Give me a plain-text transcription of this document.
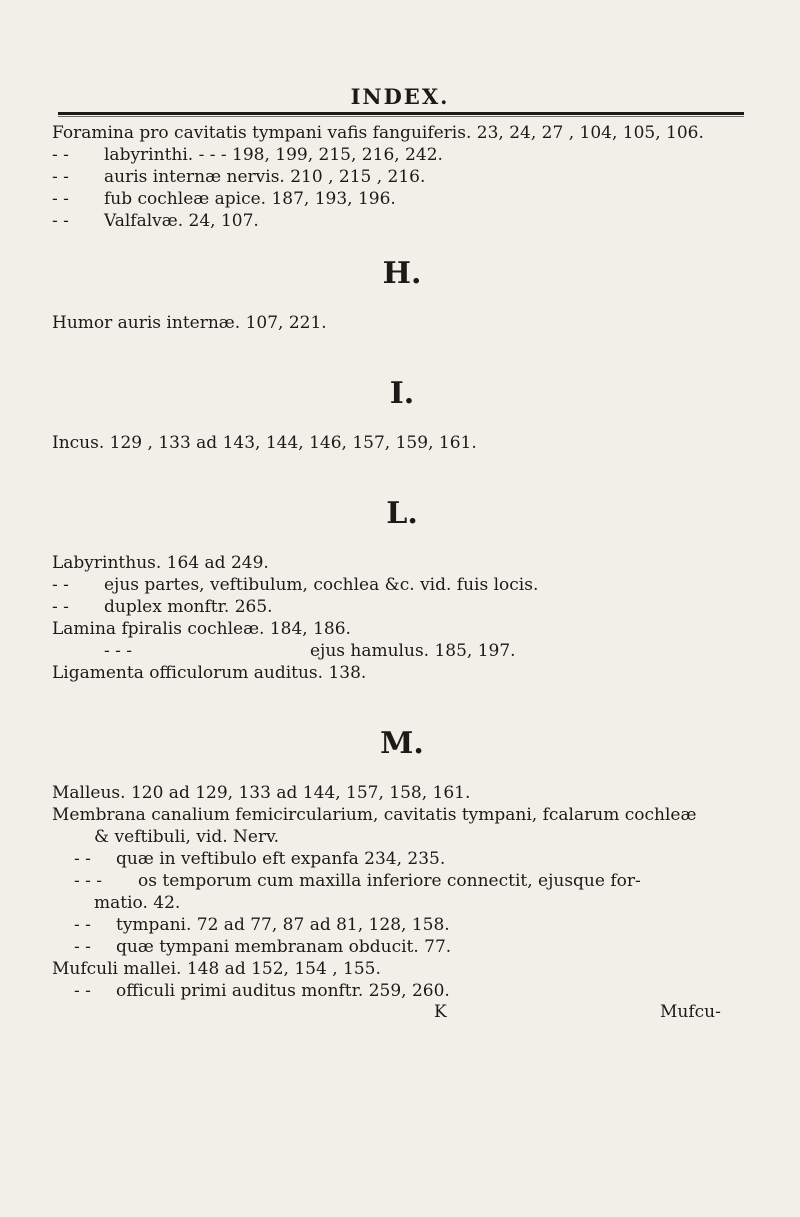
INDEX.
Foramina pro cavitatis tympani vafis fanguiferis. 23, 24, 27 , 104, 105, 106.
- - labyrinthi. - - - 198, 199, 215, 216, 242.
- - auris internæ nervis. 210 , 215 , 216.
- - fub cochleæ apice. 187, 193, 196.
- - Valfalvæ. 24, 107.
H.
Humor auris internæ. 107, 221.
I.
Incus. 129 , 133 ad 143, 144, 146, 157, 159, 161.
L.
Labyrinthus. 164 ad 249.
- - ejus partes, veftibulum, cochlea &c. vid. fuis locis.
- - duplex monftr. 265.
Lamina fpiralis cochleæ. 184, 186.
- - -	ejus hamulus. 185, 197.
Ligamenta officulorum auditus. 138.
M.
Malleus. 120 ad 129, 133 ad 144, 157, 158, 161.
Membrana canalium femicircularium, cavitatis tympani, fcalarum cochleæ
& veftibuli, vid. Nerv.
- - quæ in veftibulo eft expanfa 234, 235.
- - - os temporum cum maxilla inferiore connectit, ejusque for-
matio. 42.
- - tympani. 72 ad 77, 87 ad 81, 128, 158.
- - quæ tympani membranam obducit. 77.
Mufculi mallei. 148 ad 152, 154 , 155.
- - officuli primi auditus monftr. 259, 260.
K	Mufcu-
